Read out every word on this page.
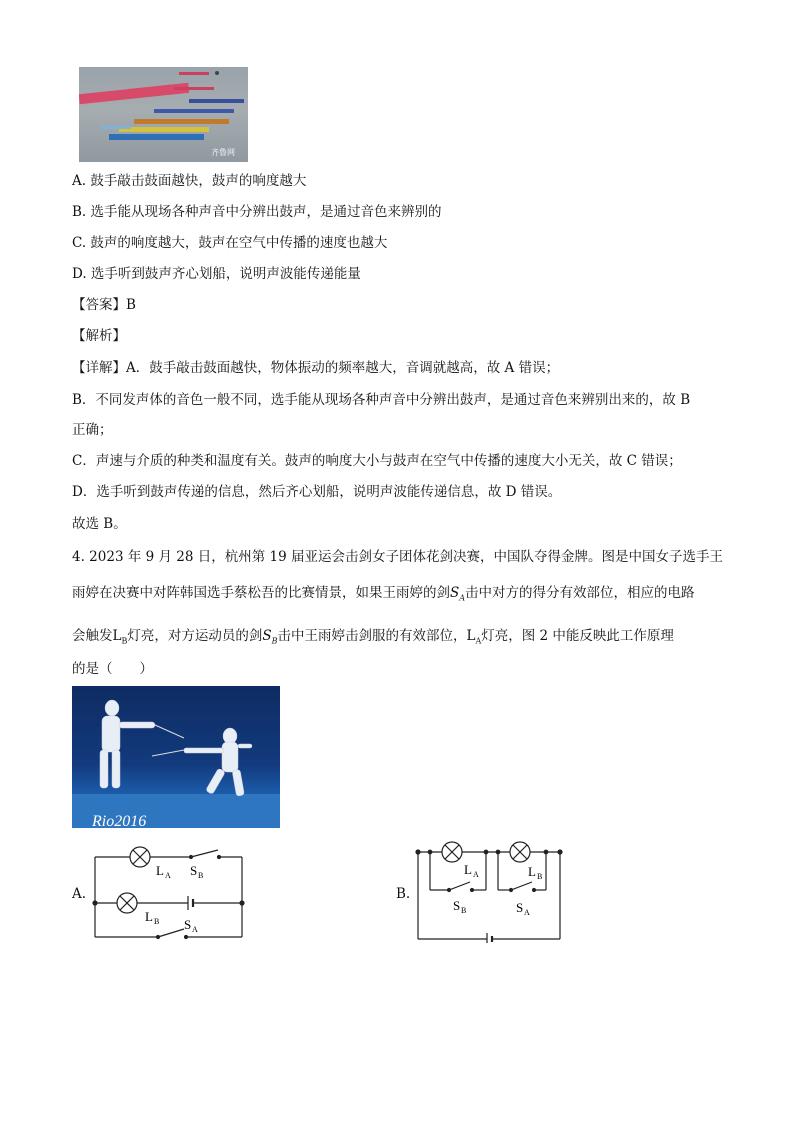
齐鲁网
A. 鼓手敲击鼓面越快，鼓声的响度越大
B. 选手能从现场各种声音中分辨出鼓声，是通过音色来辨别的
C. 鼓声的响度越大，鼓声在空气中传播的速度也越大
D. 选手听到鼓声齐心划船，说明声波能传递能量
【答案】B
【解析】
【详解】A．鼓手敲击鼓面越快，物体振动的频率越大，音调就越高，故 A 错误；
B．不同发声体的音色一般不同，选手能从现场各种声音中分辨出鼓声，是通过音色来辨别出来的，故 B
正确；
C．声速与介质的种类和温度有关。鼓声的响度大小与鼓声在空气中传播的速度大小无关，故 C 错误；
D．选手听到鼓声传递的信息，然后齐心划船，说明声波能传递信息，故 D 错误。
故选 B。
4. 2023 年 9 月 28 日，杭州第 19 届亚运会击剑女子团体花剑决赛，中国队夺得金牌。图是中国女子选手王
雨婷在决赛中对阵韩国选手蔡松吾的比赛情景，如果王雨婷的剑$S_A$击中对方的得分有效部位，相应的电路
会触发$L_B$灯亮，对方运动员的剑$S_B$击中王雨婷击剑服的有效部位，$L_A$灯亮，图 2 中能反映此工作原理
的是（　　）
Rio2016
A.
L A S B
L B S A
B.
L A	L B
S B	S A
